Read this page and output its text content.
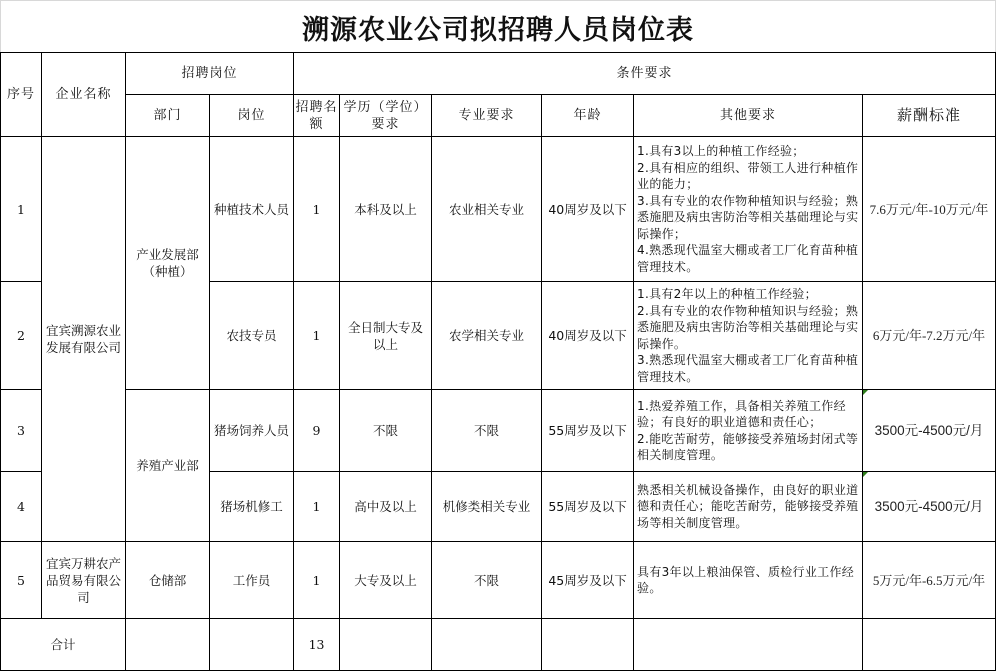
溯源农业公司拟招聘人员岗位表
序号	企业名称	招聘岗位		条件要求					
		部门	岗位	招聘名额	学历（学位）要求	专业要求	年龄	其他要求	薪酬标准
1	宜宾溯源农业发展有限公司	产业发展部（种植）	种植技术人员	1	本科及以上	农业相关专业	40周岁及以下	1.具有3以上的种植工作经验；
2.具有相应的组织、带领工人进行种植作业的能力；
3.具有专业的农作物种植知识与经验；熟悉施肥及病虫害防治等相关基础理论与实际操作；
4.熟悉现代温室大棚或者工厂化育苗种植管理技术。	7.6万元/年-10万元/年
2			农技专员	1	全日制大专及以上	农学相关专业	40周岁及以下	1.具有2年以上的种植工作经验；
2.具有专业的农作物种植知识与经验；熟悉施肥及病虫害防治等相关基础理论与实际操作。
3.熟悉现代温室大棚或者工厂化育苗种植管理技术。	6万元/年-7.2万元/年
3		养殖产业部	猪场饲养人员	9	不限	不限	55周岁及以下	1.热爱养殖工作，具备相关养殖工作经验；有良好的职业道德和责任心；
2.能吃苦耐劳，能够接受养殖场封闭式等相关制度管理。	3500元-4500元/月
4			猪场机修工	1	高中及以上	机修类相关专业	55周岁及以下	熟悉相关机械设备操作，由良好的职业道德和责任心；能吃苦耐劳，能够接受养殖场等相关制度管理。	3500元-4500元/月
5	宜宾万耕农产品贸易有限公司	仓储部	工作员	1	大专及以上	不限	45周岁及以下	具有3年以上粮油保管、质检行业工作经验。	5万元/年-6.5万元/年
合计				13					
